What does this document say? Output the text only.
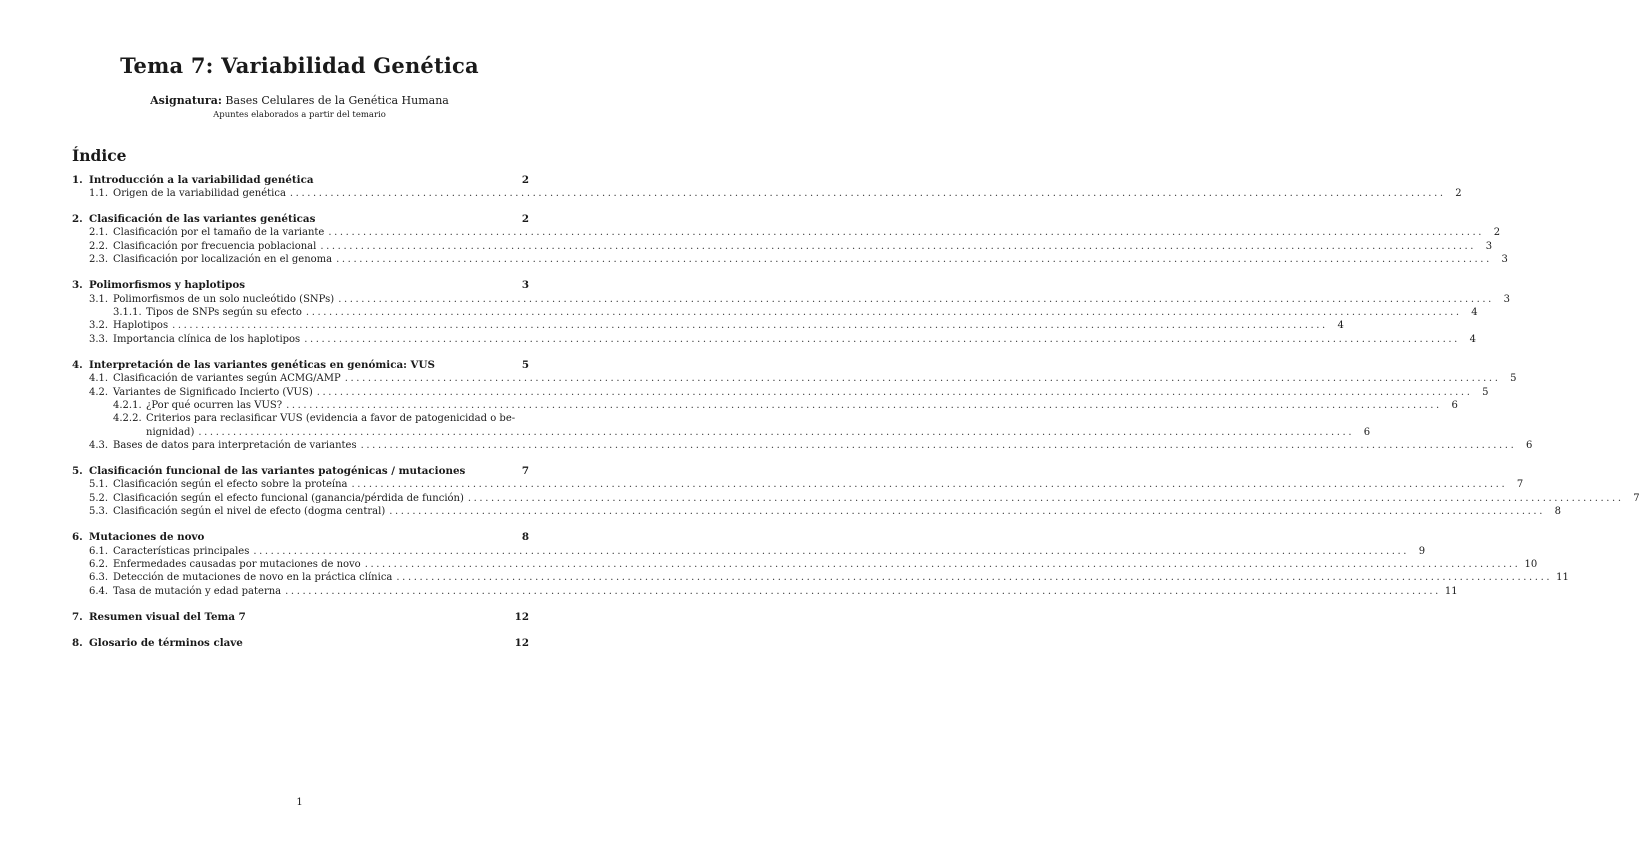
Tema 7: Variabilidad Genética
Asignatura: Bases Celulares de la Genética Humana
Apuntes elaborados a partir del temario
Índice
1. Introducción a la variabilidad genética	2
1.1. Origen de la variabilidad genética ........................................................................................................................................................................................................ 2
2. Clasificación de las variantes genéticas	2
2.1. Clasificación por el tamaño de la variante ........................................................................................................................................................................................................ 2
2.2. Clasificación por frecuencia poblacional ........................................................................................................................................................................................................ 3
2.3. Clasificación por localización en el genoma ........................................................................................................................................................................................................ 3
3. Polimorfismos y haplotipos	3
3.1. Polimorfismos de un solo nucleótido (SNPs) ........................................................................................................................................................................................................ 3
3.1.1. Tipos de SNPs según su efecto ........................................................................................................................................................................................................ 4
3.2. Haplotipos ........................................................................................................................................................................................................ 4
3.3. Importancia clínica de los haplotipos ........................................................................................................................................................................................................ 4
4. Interpretación de las variantes genéticas en genómica: VUS	5
4.1. Clasificación de variantes según ACMG/AMP ........................................................................................................................................................................................................ 5
4.2. Variantes de Significado Incierto (VUS) ........................................................................................................................................................................................................ 5
4.2.1. ¿Por qué ocurren las VUS? ........................................................................................................................................................................................................ 6
4.2.2. Criterios para reclasificar VUS (evidencia a favor de patogenicidad o be-
nignidad) ........................................................................................................................................................................................................ 6
4.3. Bases de datos para interpretación de variantes ........................................................................................................................................................................................................ 6
5. Clasificación funcional de las variantes patogénicas / mutaciones	7
5.1. Clasificación según el efecto sobre la proteína ........................................................................................................................................................................................................ 7
5.2. Clasificación según el efecto funcional (ganancia/pérdida de función) ........................................................................................................................................................................................................ 7
5.3. Clasificación según el nivel de efecto (dogma central) ........................................................................................................................................................................................................ 8
6. Mutaciones de novo	8
6.1. Características principales ........................................................................................................................................................................................................ 9
6.2. Enfermedades causadas por mutaciones de novo ........................................................................................................................................................................................................ 10
6.3. Detección de mutaciones de novo en la práctica clínica ........................................................................................................................................................................................................ 11
6.4. Tasa de mutación y edad paterna ........................................................................................................................................................................................................ 11
7. Resumen visual del Tema 7	12
8. Glosario de términos clave	12
1
